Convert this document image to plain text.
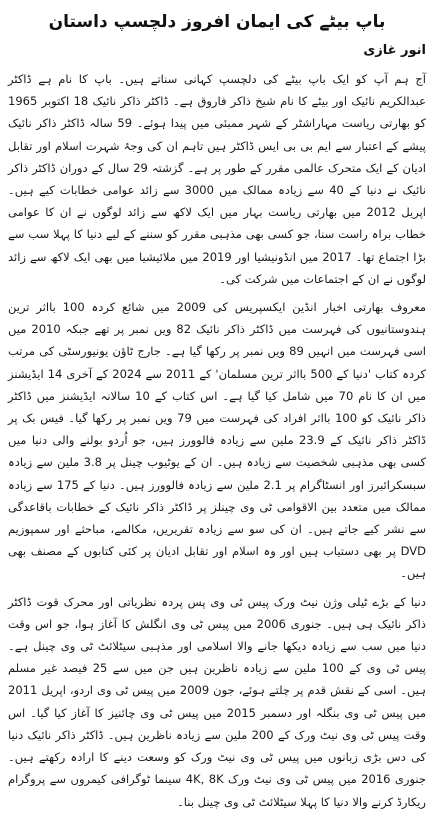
باپ بیٹے کی ایمان افروز دلچسپ داستان
انور غازی

آج ہم آپ کو ایک باپ بیٹے کی دلچسپ کہانی سناتے ہیں۔ باپ کا نام ہے ڈاکٹر عبدالکریم نائیک اور بیٹے کا نام شیخ ذاکر فاروق ہے۔ ڈاکٹر ذاکر نائیک 18 اکتوبر 1965 کو بھارتی ریاست مہاراشٹر کے شہر ممبئی میں پیدا ہوئے۔ 59 سالہ ڈاکٹر ذاکر نائیک پیشے کے اعتبار سے ایم بی بی ایس ڈاکٹر ہیں تاہم ان کی وجۂ شہرت اسلام اور تقابل ادیان کے ایک متحرک عالمی مقرر کے طور پر ہے۔ گزشتہ 29 سال کے دوران ڈاکٹر ذاکر نائیک نے دنیا کے 40 سے زیادہ ممالک میں 3000 سے زائد عوامی خطابات کیے ہیں۔ اپریل 2012 میں بھارتی ریاست بہار میں ایک لاکھ سے زائد لوگوں نے ان کا عوامی خطاب براہ راست سنا، جو کسی بھی مذہبی مقرر کو سننے کے لیے دنیا کا پہلا سب سے بڑا اجتماع تھا۔ 2017 میں انڈونیشیا اور 2019 میں ملائیشیا میں بھی ایک لاکھ سے زائد لوگوں نے ان کے اجتماعات میں شرکت کی۔

معروف بھارتی اخبار انڈین ایکسپریس کی 2009 میں شائع کردہ 100 بااثر ترین ہندوستانیوں کی فہرست میں ڈاکٹر ذاکر نائیک 82 ویں نمبر پر تھے جبکہ 2010 میں اسی فہرست میں انہیں 89 ویں نمبر پر رکھا گیا ہے۔ جارج ٹاؤن یونیورسٹی کی مرتب کردہ کتاب 'دنیا کے 500 بااثر ترین مسلمان' کے 2011 سے 2024 کے آخری 14 ایڈیشنز میں ان کا نام 70 میں شامل کیا گیا ہے۔ اس کتاب کے 10 سالانہ ایڈیشنز میں ڈاکٹر ذاکر نائیک کو 100 بااثر افراد کی فہرست میں 79 ویں نمبر پر رکھا گیا۔ فیس بک پر ڈاکٹر ذاکر نائیک کے 23.9 ملین سے زیادہ فالوورز ہیں، جو اُردو بولنے والی دنیا میں کسی بھی مذہبی شخصیت سے زیادہ ہیں۔ ان کے یوٹیوب چینل پر 3.8 ملین سے زیادہ سبسکرائبرز اور انسٹاگرام پر 2.1 ملین سے زیادہ فالوورز ہیں۔ دنیا کے 175 سے زیادہ ممالک میں متعدد بین الاقوامی ٹی وی چینلز پر ڈاکٹر ذاکر نائیک کے خطابات باقاعدگی سے نشر کیے جاتے ہیں۔ ان کی سو سے زیادہ تقریریں، مکالمے، مباحثے اور سمپوزیم DVD پر بھی دستیاب ہیں اور وہ اسلام اور تقابل ادیان پر کئی کتابوں کے مصنف بھی ہیں۔

دنیا کے بڑے ٹیلی وژن نیٹ ورک پیس ٹی وی پس پردہ نظریاتی اور محرک قوت ڈاکٹر ذاکر نائیک ہی ہیں۔ جنوری 2006 میں پیس ٹی وی انگلش کا آغاز ہوا، جو اس وقت دنیا میں سب سے زیادہ دیکھا جانے والا اسلامی اور مذہبی سیٹلائٹ ٹی وی چینل ہے۔ پیس ٹی وی کے 100 ملین سے زیادہ ناظرین ہیں جن میں سے 25 فیصد غیر مسلم ہیں۔ اسی کے نقش قدم پر چلتے ہوئے، جون 2009 میں پیس ٹی وی اردو، اپریل 2011 میں پیس ٹی وی بنگلہ اور دسمبر 2015 میں پیس ٹی وی چائنیز کا آغاز کیا گیا۔ اس وقت پیس ٹی وی نیٹ ورک کے 200 ملین سے زیادہ ناظرین ہیں۔ ڈاکٹر ذاکر نائیک دنیا کی دس بڑی زبانوں میں پیس ٹی وی نیٹ ورک کو وسعت دینے کا ارادہ رکھتے ہیں۔ جنوری 2016 میں پیس ٹی وی نیٹ ورک 4K, 8K سینما ٹوگرافی کیمروں سے پروگرام ریکارڈ کرنے والا دنیا کا پہلا سیٹلائٹ ٹی وی چینل بنا۔
